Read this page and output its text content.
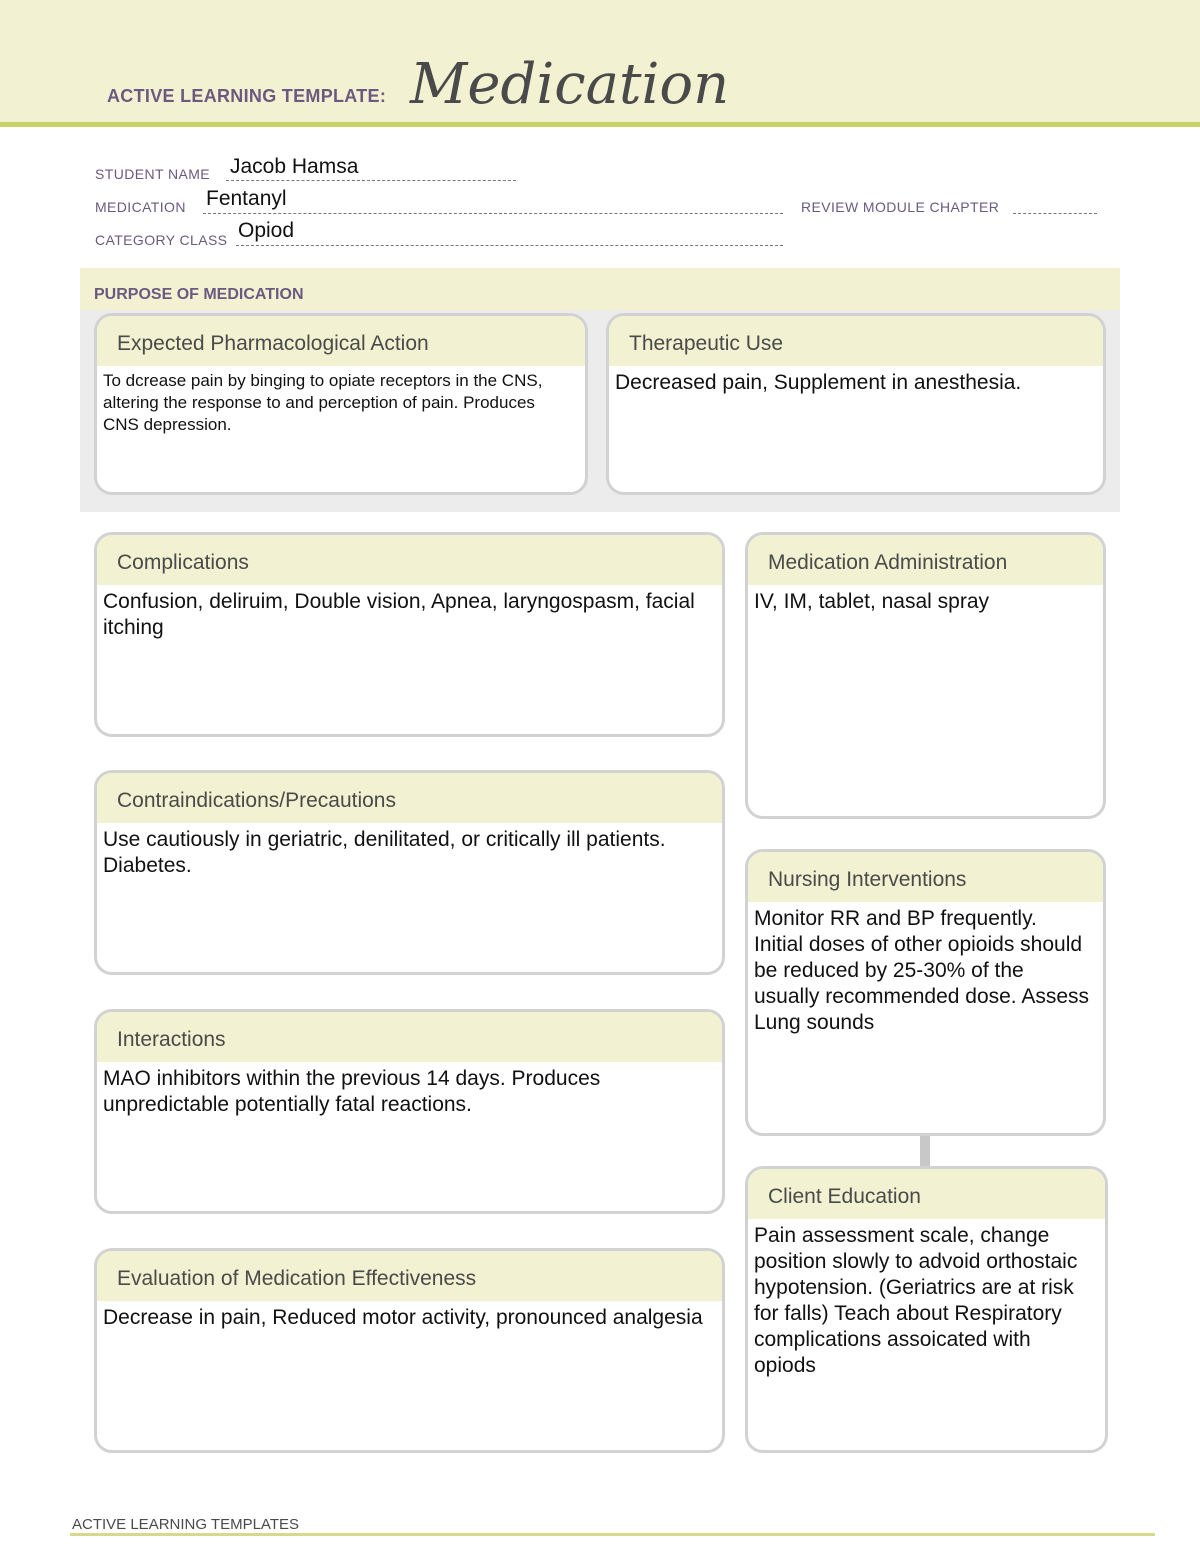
ACTIVE LEARNING TEMPLATE: Medication
STUDENT NAME Jacob Hamsa
MEDICATION Fentanyl	REVIEW MODULE CHAPTER
CATEGORY CLASS Opiod
PURPOSE OF MEDICATION
Expected Pharmacological Action
To dcrease pain by binging to opiate receptors in the CNS, altering the response to and perception of pain. Produces CNS depression.
Therapeutic Use
Decreased pain, Supplement in anesthesia.
Complications
Confusion, deliruim, Double vision, Apnea, laryngospasm, facial itching
Contraindications/Precautions
Use cautiously in geriatric, denilitated, or critically ill patients. Diabetes.
Interactions
MAO inhibitors within the previous 14 days. Produces unpredictable potentially fatal reactions.
Evaluation of Medication Effectiveness
Decrease in pain, Reduced motor activity, pronounced analgesia
Medication Administration
IV, IM, tablet, nasal spray
Nursing Interventions
Monitor RR and BP frequently. Initial doses of other opioids should be reduced by 25-30% of the usually recommended dose. Assess Lung sounds
Client Education
Pain assessment scale, change position slowly to advoid orthostaic hypotension. (Geriatrics are at risk for falls) Teach about Respiratory complications assoicated with opiods
ACTIVE LEARNING TEMPLATES
